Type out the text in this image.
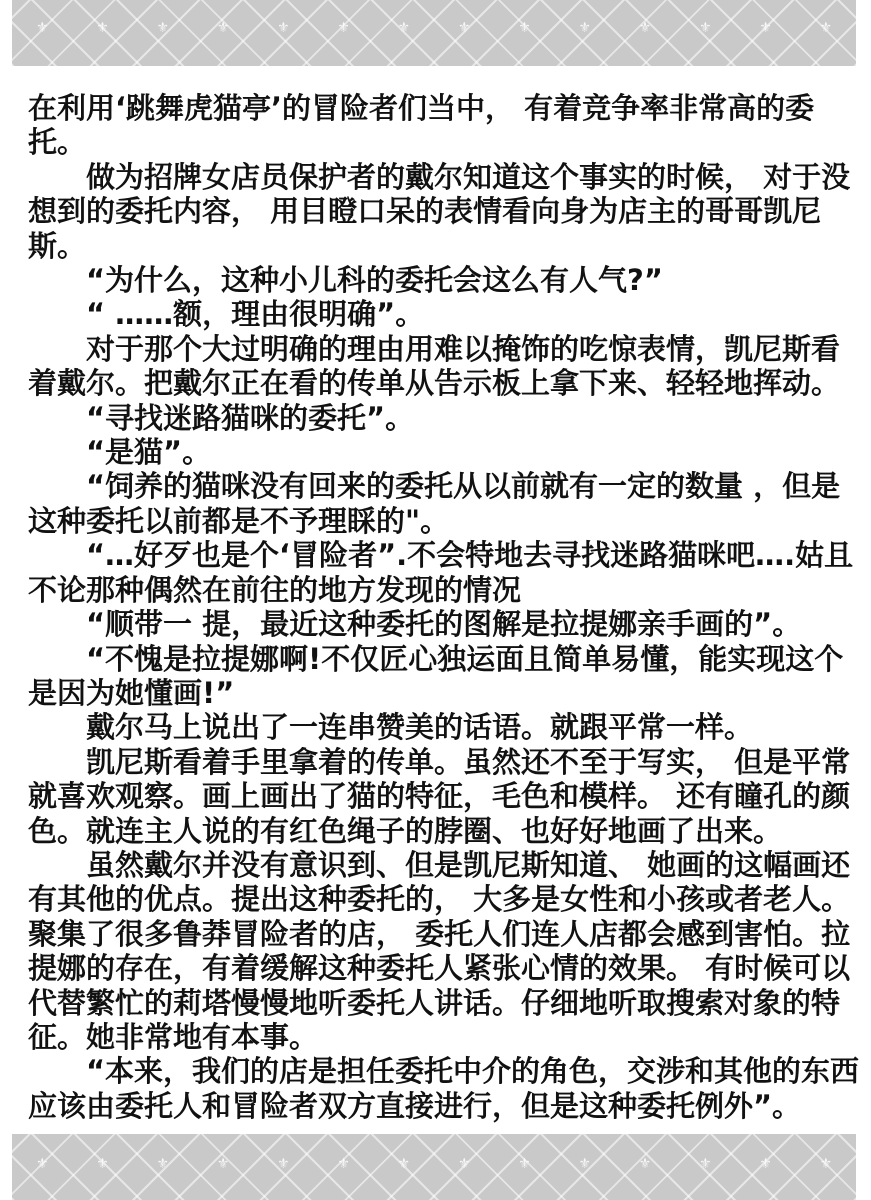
⚜	⚜	⚜	⚜	⚜	⚜	⚜	⚜	⚜	⚜	⚜	⚜	⚜	⚜

在利用‘跳舞虎猫亭’的冒险者们当中， 有着竞争率非常高的委托。

做为招牌女店员保护者的戴尔知道这个事实的时候， 对于没想到的委托内容， 用目瞪口呆的表情看向身为店主的哥哥凯尼斯。

“为什么，这种小儿科的委托会这么有人气?”

“ ……额，理由很明确”。

对于那个大过明确的理由用难以掩饰的吃惊表情，凯尼斯看着戴尔。把戴尔正在看的传单从告示板上拿下来、轻轻地挥动。

“寻找迷路猫咪的委托”。

“是猫”。

“饲养的猫咪没有回来的委托从以前就有一定的数量 ，但是这种委托以前都是不予理睬的"。

“…好歹也是个‘冒险者”.不会特地去寻找迷路猫咪吧….姑且不论那种偶然在前往的地方发现的情况

“顺带一 提，最近这种委托的图解是拉提娜亲手画的”。

“不愧是拉提娜啊!不仅匠心独运面且简单易懂，能实现这个是因为她懂画!”

戴尔马上说出了一连串赞美的话语。就跟平常一样。

凯尼斯看着手里拿着的传单。虽然还不至于写实， 但是平常就喜欢观察。画上画出了猫的特征，毛色和模样。 还有瞳孔的颜色。就连主人说的有红色绳子的脖圈、也好好地画了出来。

虽然戴尔并没有意识到、但是凯尼斯知道、 她画的这幅画还有其他的优点。提出这种委托的， 大多是女性和小孩或者老人。聚集了很多鲁莽冒险者的店， 委托人们连人店都会感到害怕。拉提娜的存在，有着缓解这种委托人紧张心情的效果。 有时候可以代替繁忙的莉塔慢慢地听委托人讲话。仔细地听取搜索对象的特征。她非常地有本事。

“本来，我们的店是担任委托中介的角色，交涉和其他的东西应该由委托人和冒险者双方直接进行，但是这种委托例外”。

⚜	⚜	⚜	⚜	⚜	⚜	⚜	⚜	⚜	⚜	⚜	⚜	⚜	⚜
